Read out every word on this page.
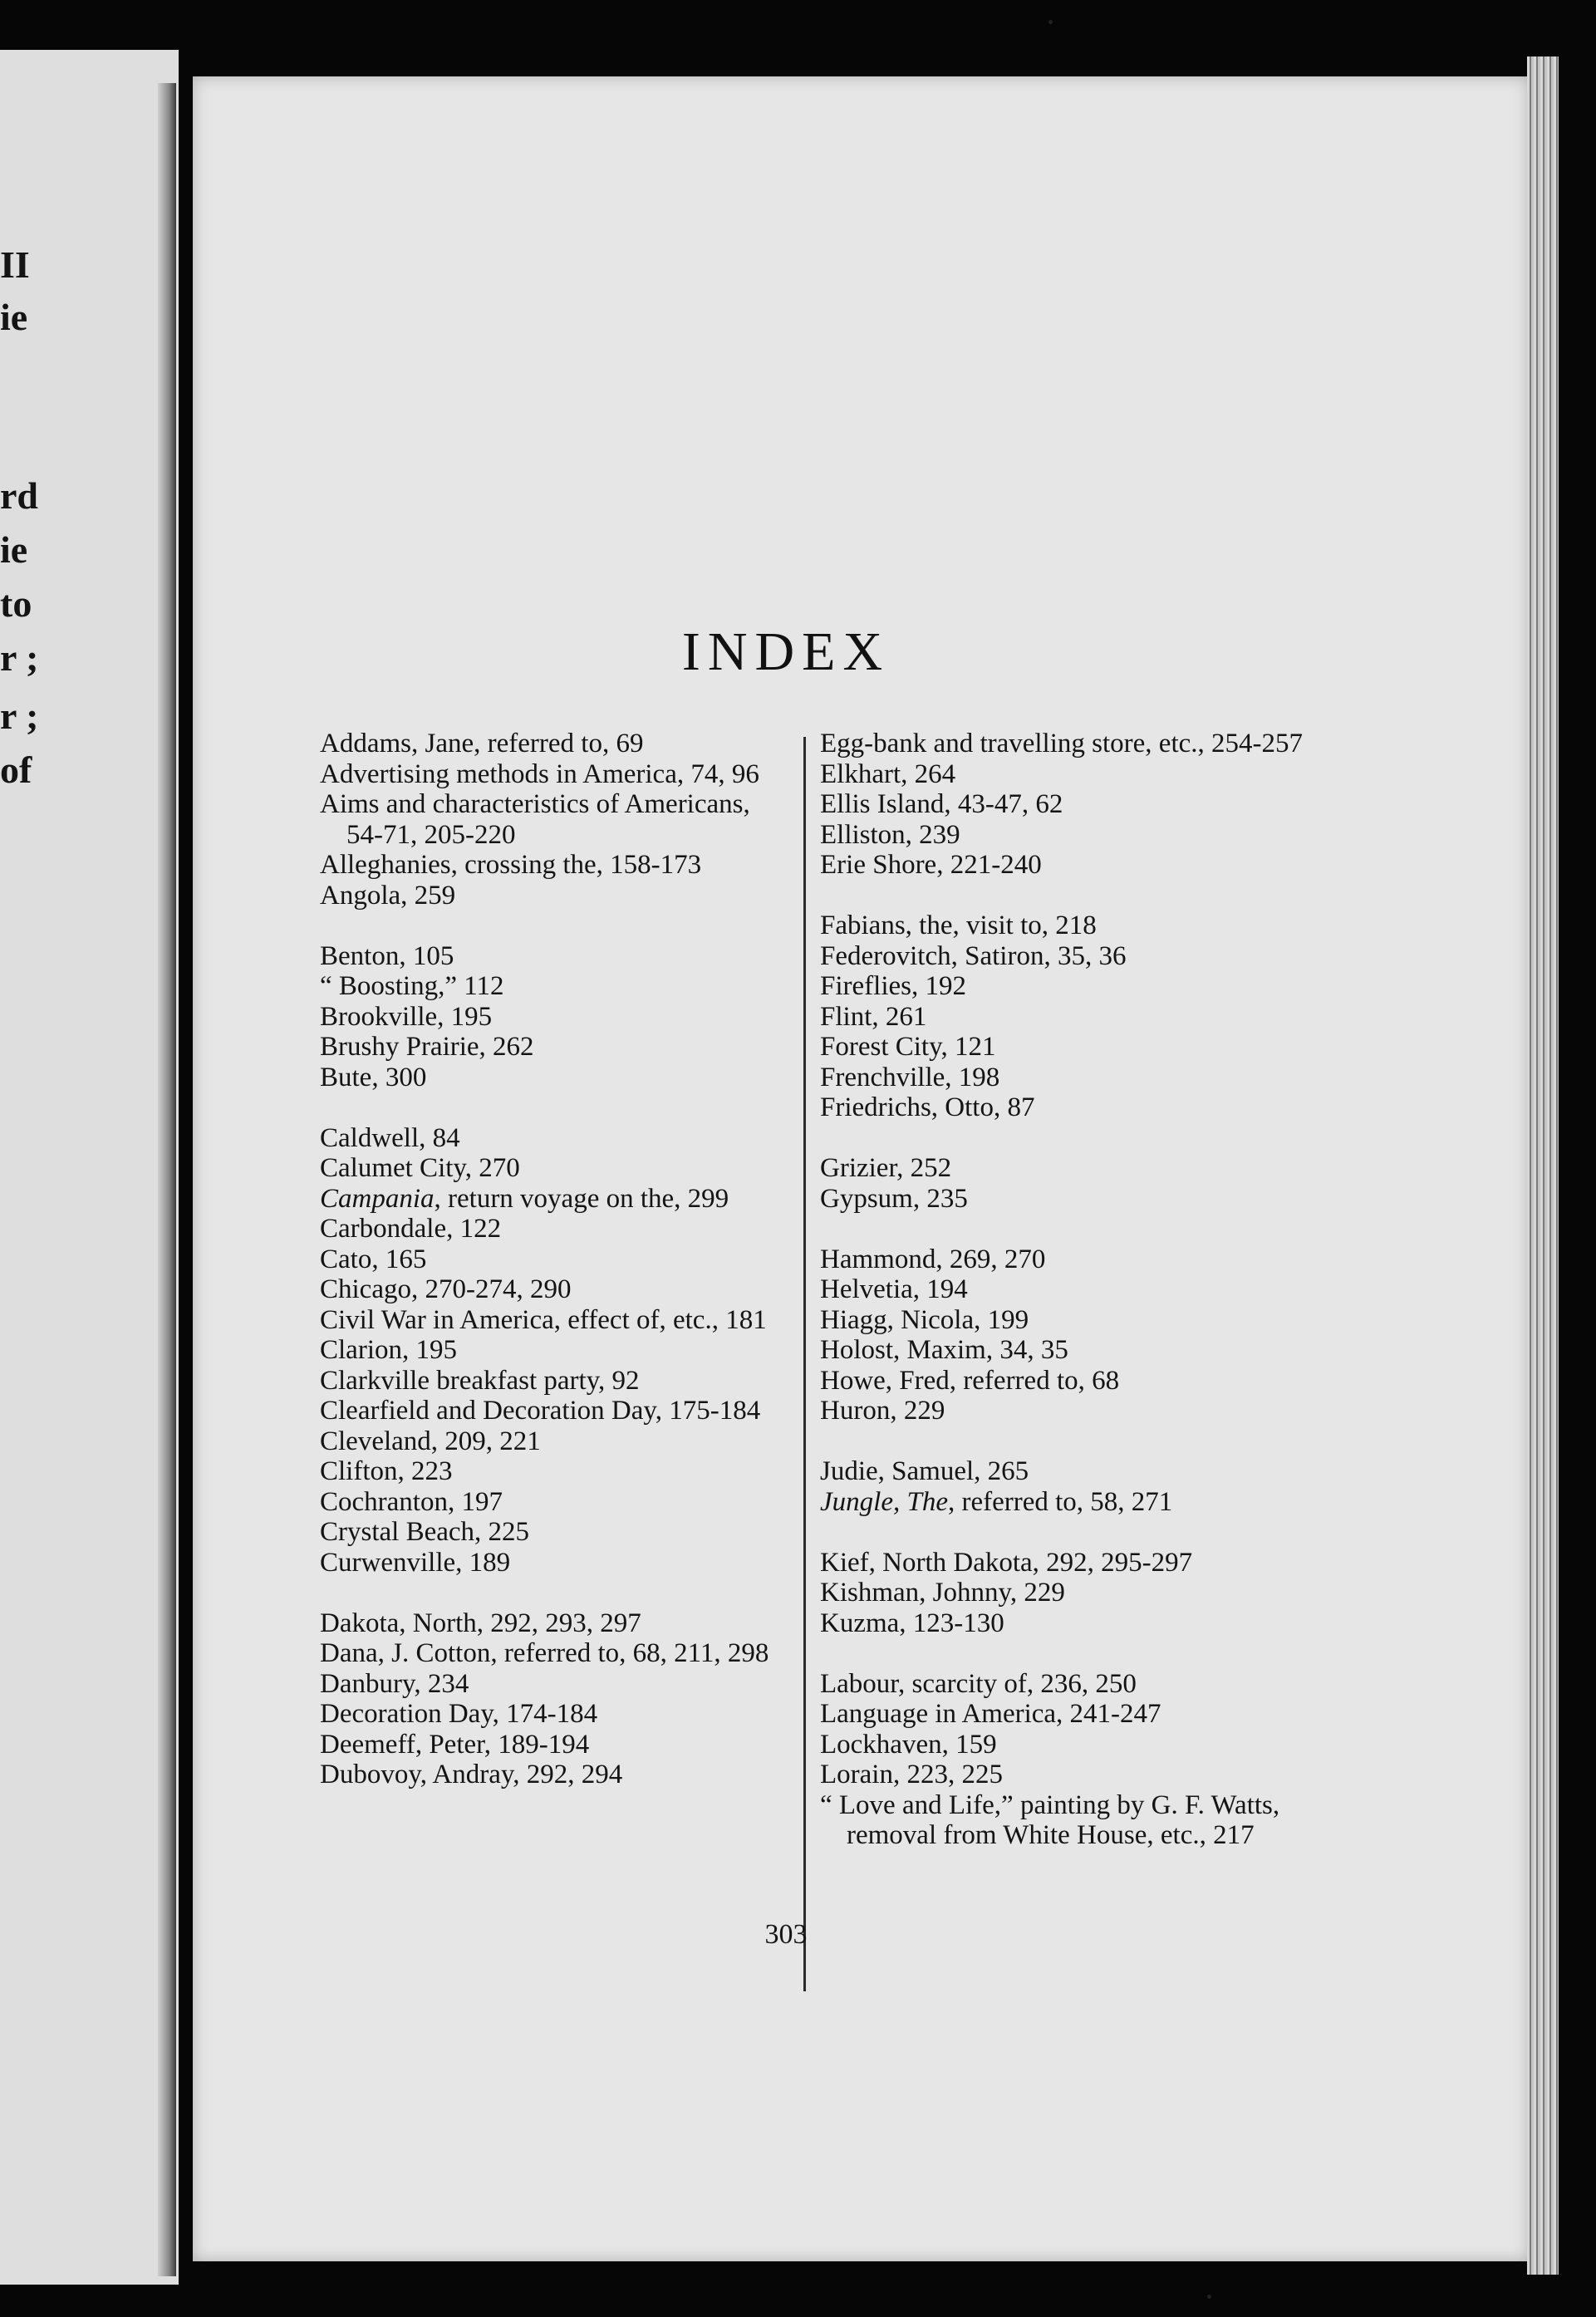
II
ie
rd
ie
to
r ;
r ;
of
INDEX
Addams, Jane, referred to, 69
Advertising methods in America, 74, 96
Aims and characteristics of Americans, 54-71, 205-220
Alleghanies, crossing the, 158-173
Angola, 259
Benton, 105
“ Boosting,” 112
Brookville, 195
Brushy Prairie, 262
Bute, 300
Caldwell, 84
Calumet City, 270
Campania, return voyage on the, 299
Carbondale, 122
Cato, 165
Chicago, 270-274, 290
Civil War in America, effect of, etc., 181
Clarion, 195
Clarkville breakfast party, 92
Clearfield and Decoration Day, 175-184
Cleveland, 209, 221
Clifton, 223
Cochranton, 197
Crystal Beach, 225
Curwenville, 189
Dakota, North, 292, 293, 297
Dana, J. Cotton, referred to, 68, 211, 298
Danbury, 234
Decoration Day, 174-184
Deemeff, Peter, 189-194
Dubovoy, Andray, 292, 294
Egg-bank and travelling store, etc., 254-257
Elkhart, 264
Ellis Island, 43-47, 62
Elliston, 239
Erie Shore, 221-240
Fabians, the, visit to, 218
Federovitch, Satiron, 35, 36
Fireflies, 192
Flint, 261
Forest City, 121
Frenchville, 198
Friedrichs, Otto, 87
Grizier, 252
Gypsum, 235
Hammond, 269, 270
Helvetia, 194
Hiagg, Nicola, 199
Holost, Maxim, 34, 35
Howe, Fred, referred to, 68
Huron, 229
Judie, Samuel, 265
Jungle, The, referred to, 58, 271
Kief, North Dakota, 292, 295-297
Kishman, Johnny, 229
Kuzma, 123-130
Labour, scarcity of, 236, 250
Language in America, 241-247
Lockhaven, 159
Lorain, 223, 225
“ Love and Life,” painting by G. F. Watts, removal from White House, etc., 217
303
